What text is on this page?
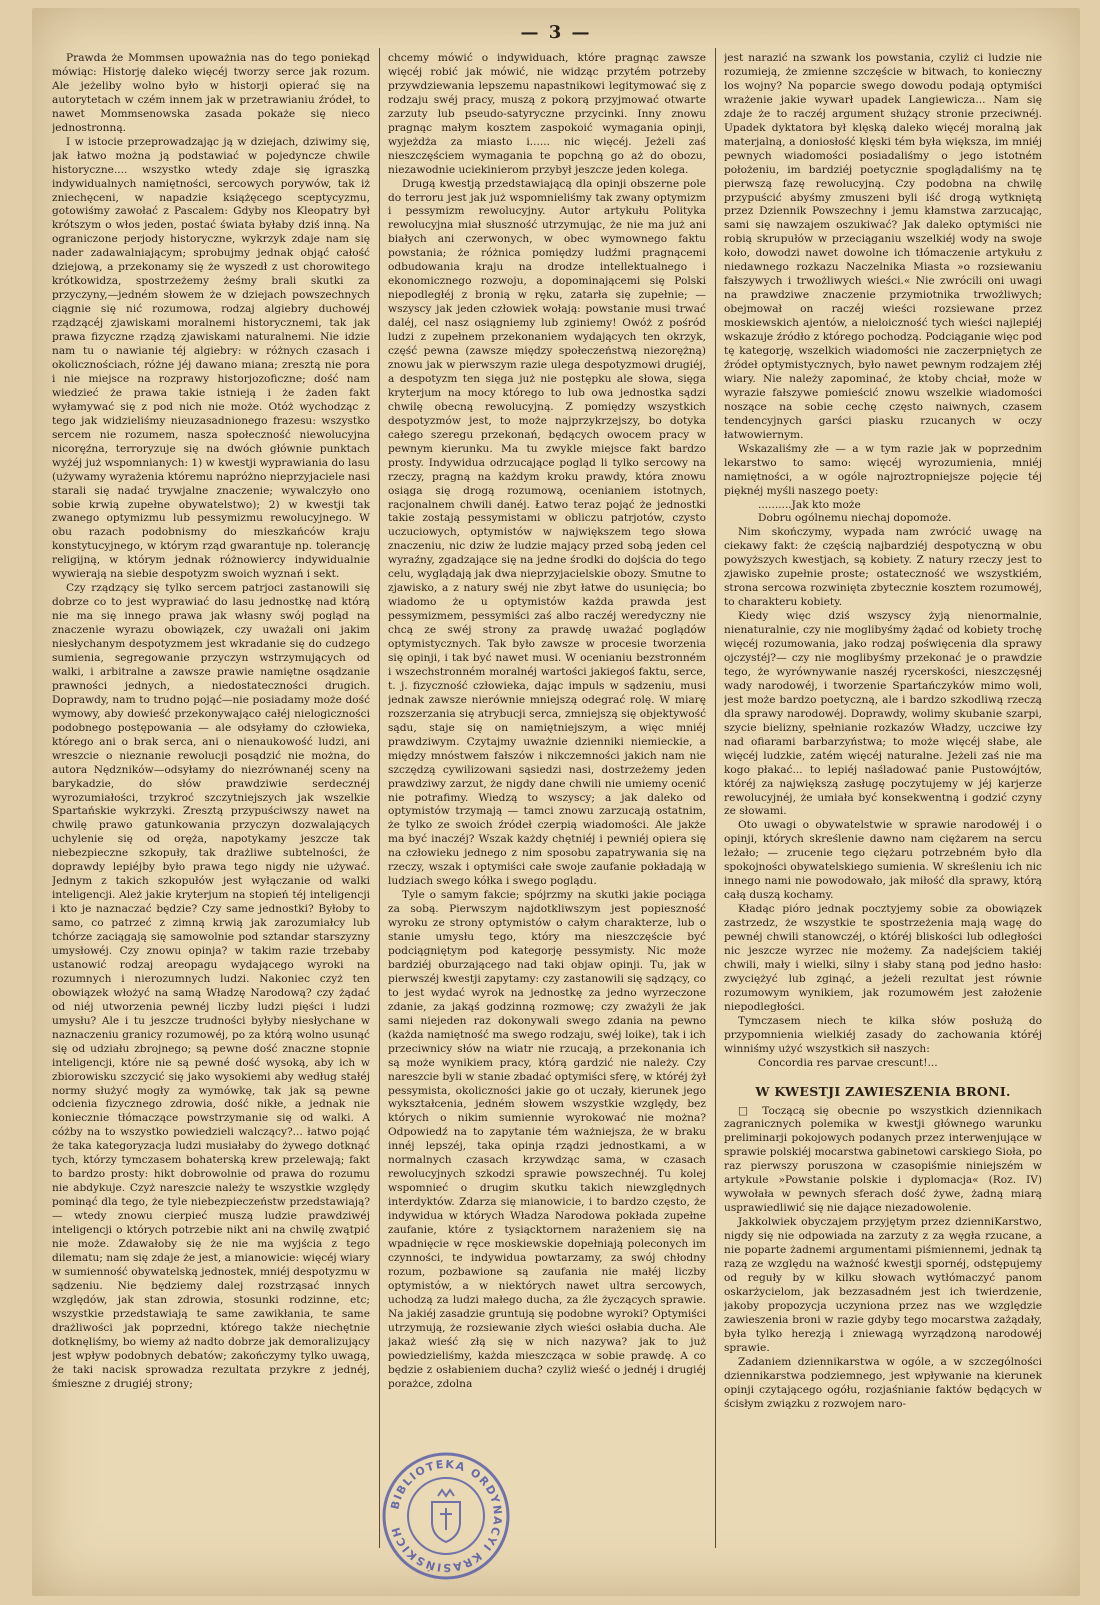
— 3 —

Prawda że Mommsen upoważnia nas do tego poniekąd mówiąc: Historję daleko więcéj tworzy serce jak rozum. Ale jeżeliby wolno było w historji opierać się na autorytetach w czém innem jak w przetrawianiu źródeł, to nawet Mommsenowska zasada pokaże się nieco jednostronną.

I w istocie przeprowadzając ją w dziejach, dziwimy się, jak łatwo można ją podstawiać w pojedyncze chwile historyczne.... wszystko wtedy zdaje się igraszką indywidualnych namiętności, sercowych porywów, tak iż zniechęceni, w napadzie książęcego sceptycyzmu, gotowiśmy zawołać z Pascalem: Gdyby nos Kleopatry był krótszym o włos jeden, postać świata byłaby dziś inną. Na ograniczone perjody historyczne, wykrzyk zdaje nam się nader zadawalniającym; sprobujmy jednak objąć całość dziejową, a przekonamy się że wyszedł z ust chorowitego krótkowidza, spostrzeżemy żeśmy brali skutki za przyczyny,—jedném słowem że w dziejach powszechnych ciągnie się nić rozumowa, rodzaj algiebry duchowéj rządzącéj zjawiskami moralnemi historycznemi, tak jak prawa fizyczne rządzą zjawiskami naturalnemi. Nie idzie nam tu o nawianie téj algiebry: w różnych czasach i okolicznościach, różne jéj dawano miana; zresztą nie pora i nie miejsce na rozprawy historjozoficzne; dość nam wiedzieć że prawa takie istnieją i że żaden fakt wyłamywać się z pod nich nie może. Otóż wychodząc z tego jak widzieliśmy nieuzasadnionego frazesu: wszystko sercem nie rozumem, nasza społeczność niewolucyjna nicoręźna, terroryzuje się na dwóch głównie punktach wyżéj już wspomnianych: 1) w kwestji wyprawiania do lasu (używamy wyrażenia któremu napróżno nieprzyjaciele nasi starali się nadać trywjalne znaczenie; wywalczyło ono sobie krwią zupełne obywatelstwo); 2) w kwestji tak zwanego optymizmu lub pessymizmu rewolucyjnego. W obu razach podobnismy do mieszkańców kraju konstytucyjnego, w którym rząd gwarantuje np. tolerancję religijną, w którym jednak różnowiercy indywidualnie wywierają na siebie despotyzm swoich wyznań i sekt.

Czy rządzący się tylko sercem patrjoci zastanowili się dobrze co to jest wyprawiać do lasu jednostkę nad którą nie ma się innego prawa jak własny swój pogląd na znaczenie wyrazu obowiązek, czy uważali oni jakim niesłychanym despotyzmem jest wkradanie się do cudzego sumienia, segregowanie przyczyn wstrzymujących od walki, i arbitralne a zawsze prawie namiętne osądzanie prawności jednych, a niedostateczności drugich. Doprawdy, nam to trudno pojąć—nie posiadamy może dość wymowy, aby dowieść przekonywająco całéj nielogiczności podobnego postępowania — ale odsyłamy do człowieka, którego ani o brak serca, ani o nienaukowość ludzi, ani wreszcie o nieznanie rewolucji posądzić nie można, do autora Nędzników—odsyłamy do niezrównanéj sceny na barykadzie, do słów prawdziwie serdecznéj wyrozumiałości, trzykroć szczytniejszych jak wszelkie Spartańskie wykrzyki. Zresztą przypuściwszy nawet na chwilę prawo gatunkowania przyczyn dozwalających uchylenie się od oręża, napotykamy jeszcze tak niebezpieczne szkopuły, tak drażliwe subtelności, że doprawdy lepiéjby było prawa tego nigdy nie używać. Jednym z takich szkopułów jest wyłączanie od walki inteligencji. Ależ jakie kryterjum na stopień téj inteligencji i kto je naznaczać będzie? Czy same jednostki? Byłoby to samo, co patrzeć z zimną krwią jak zarozumiałcy lub tchórze zaciągają się samowolnie pod sztandar starszyzny umysłowéj. Czy znowu opinja? w takim razie trzebaby ustanowić rodzaj areopagu wydającego wyroki na rozumnych i nierozumnych ludzi. Nakoniec czyż ten obowiązek włożyć na samą Władzę Narodową? czy żądać od niéj utworzenia pewnéj liczby ludzi pięści i ludzi umysłu? Ale i tu jeszcze trudności byłyby niesłychane w naznaczeniu granicy rozumowéj, po za którą wolno usunąć się od udziału zbrojnego; są pewne dość znaczne stopnie inteligencji, które nie są pewné dość wysoką, aby ich w zbiorowisku szczycić się jako wysokiemi aby według stałéj normy służyć mogły za wymówkę, tak jak są pewne odcienia fizycznego zdrowia, dość nikłe, a jednak nie koniecznie tłómaczące powstrzymanie się od walki. A cóżby na to wszystko powiedzieli walczący?... łatwo pojąć że taka kategoryzacja ludzi musiałaby do żywego dotknąć tych, którzy tymczasem bohaterską krew przelewają; fakt to bardzo prosty: hikt dobrowolnie od prawa do rozumu nie abdykuje. Czyż nareszcie należy te wszystkie względy pominąć dla tego, że tyle niebezpieczeństw przedstawiają? — wtedy znowu cierpieć muszą ludzie prawdziwéj inteligencji o których potrzebie nikt ani na chwilę zwątpić nie może. Zdawałoby się że nie ma wyjścia z tego dilematu; nam się zdaje że jest, a mianowicie: więcéj wiary w sumienność obywatelską jednostek, mniéj despotyzmu w sądzeniu. Nie będziemy dalej rozstrząsać innych względów, jak stan zdrowia, stosunki rodzinne, etc; wszystkie przedstawiają te same zawikłania, te same drażliwości jak poprzedni, którego także niechętnie dotknęliśmy, bo wiemy aż nadto dobrze jak demoralizujący jest wpływ podobnych debatów; zakończymy tylko uwagą, że taki nacisk sprowadza rezultata przykre z jednéj, śmieszne z drugiéj strony;

chcemy mówić o indywiduach, które pragnąc zawsze więcéj robić jak mówić, nie widząc przytém potrzeby przywdziewania lepszemu napastnikowi legitymować się z rodzaju swéj pracy, muszą z pokorą przyjmować otwarte zarzuty lub pseudo-satyryczne przycinki. Inny znowu pragnąc małym kosztem zaspokoić wymagania opinji, wyjeżdża za miasto i...... nic więcéj. Jeżeli zaś nieszczęściem wymagania te popchną go aż do obozu, niezawodnie uciekinierom przybył jeszcze jeden kolega.

Drugą kwestją przedstawiającą dla opinji obszerne pole do terroru jest jak już wspomnieliśmy tak zwany optymizm i pessymizm rewolucyjny. Autor artykułu Polityka rewolucyjna miał słuszność utrzymując, że nie ma już ani białych ani czerwonych, w obec wymownego faktu powstania; że różnica pomiędzy ludźmi pragnącemi odbudowania kraju na drodze intellektualnego i ekonomicznego rozwoju, a dopominającemi się Polski niepodległéj z bronią w ręku, zatarła się zupełnie; — wszyscy jak jeden człowiek wołają: powstanie musi trwać daléj, cel nasz osiągniemy lub zginiemy! Owóż z pośród ludzi z zupełnem przekonaniem wydających ten okrzyk, część pewna (zawsze między społeczeństwą niezorężną) znowu jak w pierwszym razie ulega despotyzmowi drugiéj, a despotyzm ten sięga już nie postępku ale słowa, sięga kryterjum na mocy którego to lub owa jednostka sądzi chwilę obecną rewolucyjną. Z pomiędzy wszystkich despotyzmów jest, to może najprzykrzejszy, bo dotyka całego szeregu przekonań, będących owocem pracy w pewnym kierunku. Ma tu zwykle miejsce fakt bardzo prosty. Indywidua odrzucające pogląd li tylko sercowy na rzeczy, pragną na każdym kroku prawdy, która znowu osiąga się drogą rozumową, ocenianiem istotnych, racjonalnem chwili danéj. Łatwo teraz pojąć że jednostki takie zostają pessymistami w obliczu patrjotów, czysto uczuciowych, optymistów w największem tego słowa znaczeniu, nic dziw że ludzie mający przed sobą jeden cel wyraźny, zgadzające się na jedne środki do dojścia do tego celu, wyglądają jak dwa nieprzyjacielskie obozy. Smutne to zjawisko, a z natury swéj nie zbyt łatwe do usunięcia; bo wiadomo że u optymistów każda prawda jest pessymizmem, pessymiści zaś albo raczéj weredyczny nie chcą ze swéj strony za prawdę uważać poglądów optymistycznych. Tak było zawsze w procesie tworzenia się opinji, i tak być nawet musi. W ocenianiu bezstronném i wszechstronném moralnéj wartości jakiegoś faktu, serce, t. j. fizyczność człowieka, dając impuls w sądzeniu, musi jednak zawsze nierównie mniejszą odegrać rolę. W miarę rozszerzania się atrybucji serca, zmniejszą się objektywość sądu, staje się on namiętniejszym, a więc mniéj prawdziwym. Czytajmy uważnie dzienniki niemieckie, a między mnóstwem fałszów i nikczemności jakich nam nie szczędzą cywilizowani sąsiedzi nasi, dostrzeżemy jeden prawdziwy zarzut, że nigdy dane chwili nie umiemy ocenić nie potrafimy. Wiedzą to wszyscy; a jak daleko od optymistów trzymają — tamci znowu zarzucają ostatnim, że tylko ze swoich źródeł czerpią wiadomości. Ale jakże ma być inaczéj? Wszak każdy chętniéj i pewniéj opiera się na człowieku jednego z nim sposobu zapatrywania się na rzeczy, wszak i optymiści całe swoje zaufanie pokładają w ludziach swego kółka i swego poglądu.

Tyle o samym fakcie; spójrzmy na skutki jakie pociąga za sobą. Pierwszym najdotkliwszym jest popieszność wyroku ze strony optymistów o całym charakterze, lub o stanie umysłu tego, który ma nieszczęście być podciągniętym pod kategorję pessymisty. Nic może bardziéj oburzającego nad taki objaw opinji. Tu, jak w pierwszéj kwestji zapytamy: czy zastanowili się sądzący, co to jest wydać wyrok na jednostkę za jedno wyrzeczone zdanie, za jakąś godzinną rozmowę; czy zważyli że jak sami niejeden raz dokonywali swego zdania na pewno (każda namiętność ma swego rodzaju, swéj loike), tak i ich przeciwnicy słów na wiatr nie rzucają, a przekonania ich są może wynikiem pracy, którą gardzić nie należy. Czy nareszcie byli w stanie zbadać optymiści sferę, w któréj żył pessymista, okoliczności jakie go ot uczały, kierunek jego wykształcenia, jedném słowem wszystkie względy, bez których o nikim sumiennie wyrokować nie można? Odpowiedź na to zapytanie tém ważniejsza, że w braku innéj lepszéj, taka opinja rządzi jednostkami, a w normalnych czasach krzywdząc sama, w czasach rewolucyjnych szkodzi sprawie powszechnéj. Tu kolej wspomnieć o drugim skutku takich niewzględnych interdyktów. Zdarza się mianowicie, i to bardzo często, że indywidua w których Władza Narodowa pokłada zupełne zaufanie, które z tysiącktornem narażeniem się na wpadnięcie w ręce moskiewskie dopełniają poleconych im czynności, te indywidua powtarzamy, za swój chłodny rozum, pozbawione są zaufania nie małéj liczby optymistów, a w niektórych nawet ultra sercowych, uchodzą za ludzi małego ducha, za źle życzących sprawie. Na jakiéj zasadzie gruntują się podobne wyroki? Optymiści utrzymują, że rozsiewanie złych wieści osłabia ducha. Ale jakaż wieść złą się w nich nazywa? jak to już powiedzieliśmy, każda mieszcząca w sobie prawdę. A co będzie z osłabieniem ducha? czyliż wieść o jednéj i drugiéj porażce, zdolna

jest narazić na szwank los powstania, czyliż ci ludzie nie rozumieją, że zmienne szczęście w bitwach, to konieczny los wojny? Na poparcie swego dowodu podają optymiści wrażenie jakie wywarł upadek Langiewicza... Nam się zdaje że to raczéj argument służący stronie przeciwnéj. Upadek dyktatora był klęską daleko więcéj moralną jak materjalną, a doniosłość klęski tém była większa, im mniéj pewnych wiadomości posiadaliśmy o jego istotném położeniu, im bardziéj poetycznie spoglądaliśmy na tę pierwszą fazę rewolucyjną. Czy podobna na chwilę przypuścić abyśmy zmuszeni byli iść drogą wytkniętą przez Dziennik Powszechny i jemu kłamstwa zarzucając, sami się nawzajem oszukiwać? Jak daleko optymiści nie robią skrupułów w przeciąganiu wszelkiéj wody na swoje koło, dowodzi nawet dowolne ich tłómaczenie artykułu z niedawnego rozkazu Naczelnika Miasta »o rozsiewaniu fałszywych i trwożliwych wieści.« Nie zwrócili oni uwagi na prawdziwe znaczenie przymiotnika trwożliwych; obejmował on raczéj wieści rozsiewane przez moskiewskich ajentów, a nieloiczność tych wieści najlepiéj wskazuje źródło z którego pochodzą. Podciąganie więc pod tę kategorję, wszelkich wiadomości nie zaczerpniętych ze źródeł optymistycznych, było nawet pewnym rodzajem złéj wiary. Nie należy zapominać, że ktoby chciał, może w wyrazie fałszywe pomieścić znowu wszelkie wiadomości noszące na sobie cechę często naiwnych, czasem tendencyjnych garści piasku rzucanych w oczy łatwowiernym.

Wskazaliśmy złe — a w tym razie jak w poprzednim lekarstwo to samo: więcéj wyrozumienia, mniéj namiętności, a w ogóle najroztropniejsze pojęcie téj pięknéj myśli naszego poety:

..........Jak kto może

Dobru ogólnemu niechaj dopomoże.

Nim skończymy, wypada nam zwrócić uwagę na ciekawy fakt: że częścią najbardziéj despotyczną w obu powyższych kwestjach, są kobiety. Z natury rzeczy jest to zjawisko zupełnie proste; ostateczność we wszystkiém, strona sercowa rozwinięta zbytecznie kosztem rozumowéj, to charakteru kobiety.

Kiedy więc dziś wszyscy żyją nienormalnie, nienaturalnie, czy nie moglibyśmy żądać od kobiety trochę więcéj rozumowania, jako rodzaj poświęcenia dla sprawy ojczystéj?— czy nie moglibyśmy przekonać je o prawdzie tego, że wyrównywanie naszéj rycerskości, nieszczęsnéj wady narodowéj, i tworzenie Spartańczyków mimo woli, jest może bardzo poetyczną, ale i bardzo szkodliwą rzeczą dla sprawy narodowéj. Doprawdy, wolimy skubanie szarpi, szycie bielizny, spełnianie rozkazów Władzy, uczciwe łzy nad ofiarami barbarzyństwa; to może więcéj słabe, ale więcéj ludzkie, zatém więcéj naturalne. Jeżeli zaś nie ma kogo płakać... to lepiéj naśladować panie Pustowójtów, któréj za największą zasługę poczytujemy w jéj karjerze rewolucyjnéj, że umiała być konsekwentną i godzić czyny ze słowami.

Oto uwagi o obywatelstwie w sprawie narodowéj i o opinji, których skreślenie dawno nam ciężarem na sercu leżało; — zrucenie tego ciężaru potrzebném było dla spokojności obywatelskiego sumienia. W skreśleniu ich nic innego nami nie powodowało, jak miłość dla sprawy, którą całą duszą kochamy.

Kładąc pióro jednak pocztyjemy sobie za obowiązek zastrzedz, że wszystkie te spostrzeżenia mają wagę do pewnéj chwili stanowczéj, o któréj bliskości lub odległości nic jeszcze wyrzec nie możemy. Za nadejściem takiéj chwili, mały i wielki, silny i słaby staną pod jedno hasło: zwyciężyć lub zginąć, a jeżeli rezultat jest równie rozumowym wynikiem, jak rozumowém jest założenie niepodległości.

Tymczasem niech te kilka słów posłużą do przypomnienia wielkiéj zasady do zachowania któréj winniśmy użyć wszystkich sił naszych:

Concordia res parvae crescunt!...

W KWESTJI ZAWIESZENIA BRONI.

□ Toczącą się obecnie po wszystkich dziennikach zagranicznych polemika w kwestji głównego warunku preliminarji pokojowych podanych przez interwenjujące w sprawie polskiéj mocarstwa gabinetowi carskiego Sioła, po raz pierwszy poruszona w czasopiśmie niniejszém w artykule »Powstanie polskie i dyplomacja« (Roz. IV) wywołała w pewnych sferach dość żywe, żadną miarą usprawiedliwić się nie dające niezadowolenie.

Jakkolwiek obyczajem przyjętym przez dzienniKarstwo, nigdy się nie odpowiada na zarzuty z za węgła rzucane, a nie poparte żadnemi argumentami piśmiennemi, jednak tą razą ze względu na ważność kwestji spornéj, odstępujemy od reguły by w kilku słowach wytłómaczyć panom oskarżycielom, jak bezzasadném jest ich twierdzenie, jakoby propozycja uczyniona przez nas we względzie zawieszenia broni w razie gdyby tego mocarstwa zażądały, była tylko herezją i zniewagą wyrządzoną narodowéj sprawie.

Zadaniem dziennikarstwa w ogóle, a w szczególności dziennikarstwa podziemnego, jest wpływanie na kierunek opinji czytającego ogółu, rozjaśnianie faktów będących w ścisłym związku z rozwojem naro-

BIBLIOTEKA ORDYNACYI KRASIŃSKICH
